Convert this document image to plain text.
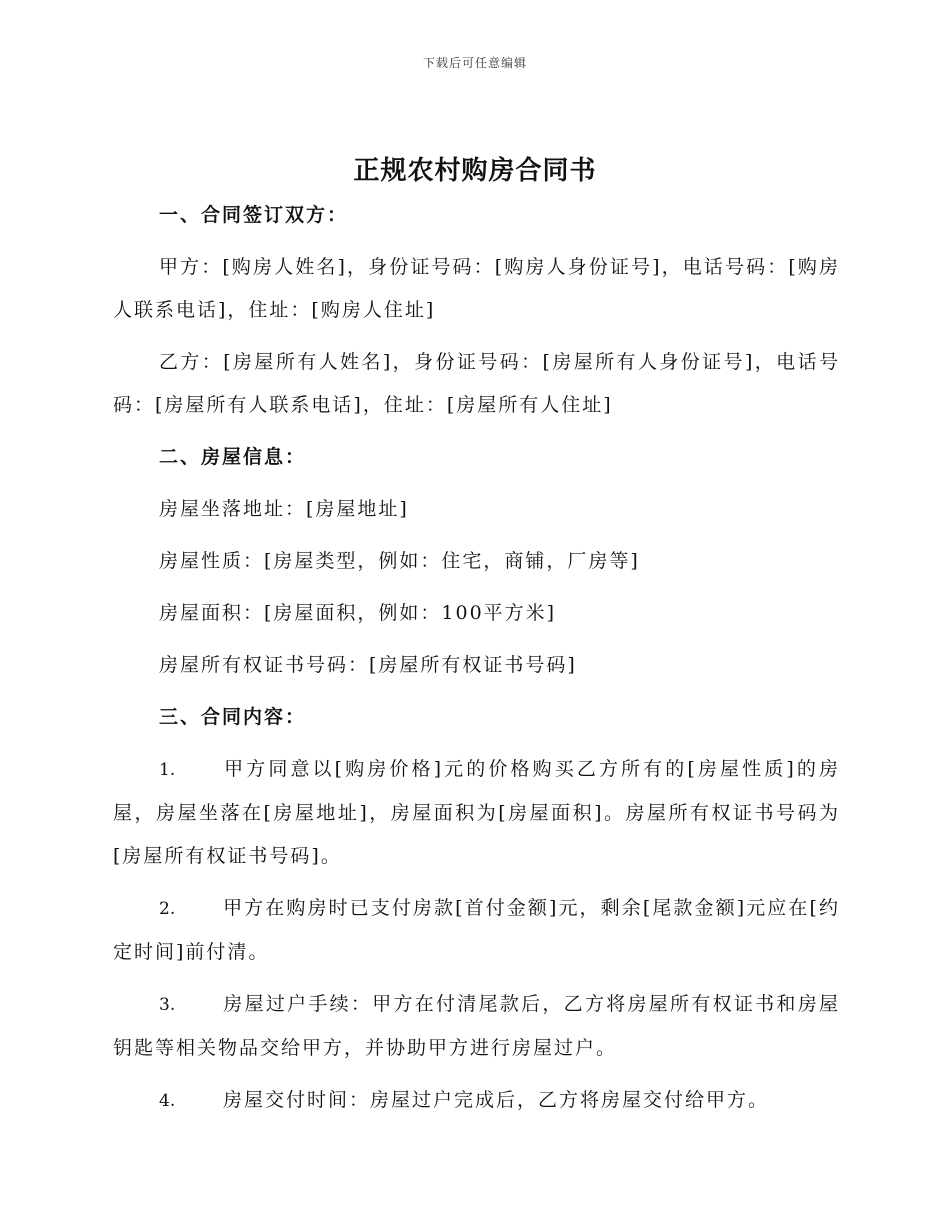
下载后可任意编辑
正规农村购房合同书
一、合同签订双方：
甲方：[购房人姓名]，身份证号码：[购房人身份证号]，电话号码：[购房人联系电话]，住址：[购房人住址]
乙方：[房屋所有人姓名]，身份证号码：[房屋所有人身份证号]，电话号码：[房屋所有人联系电话]，住址：[房屋所有人住址]
二、房屋信息：
房屋坐落地址：[房屋地址]
房屋性质：[房屋类型，例如：住宅，商铺，厂房等]
房屋面积：[房屋面积，例如：100平方米]
房屋所有权证书号码：[房屋所有权证书号码]
三、合同内容：
1.	甲方同意以[购房价格]元的价格购买乙方所有的[房屋性质]的房屋，房屋坐落在[房屋地址]，房屋面积为[房屋面积]。房屋所有权证书号码为[房屋所有权证书号码]。
2.	甲方在购房时已支付房款[首付金额]元，剩余[尾款金额]元应在[约定时间]前付清。
3.	房屋过户手续：甲方在付清尾款后，乙方将房屋所有权证书和房屋钥匙等相关物品交给甲方，并协助甲方进行房屋过户。
4.	房屋交付时间：房屋过户完成后，乙方将房屋交付给甲方。
